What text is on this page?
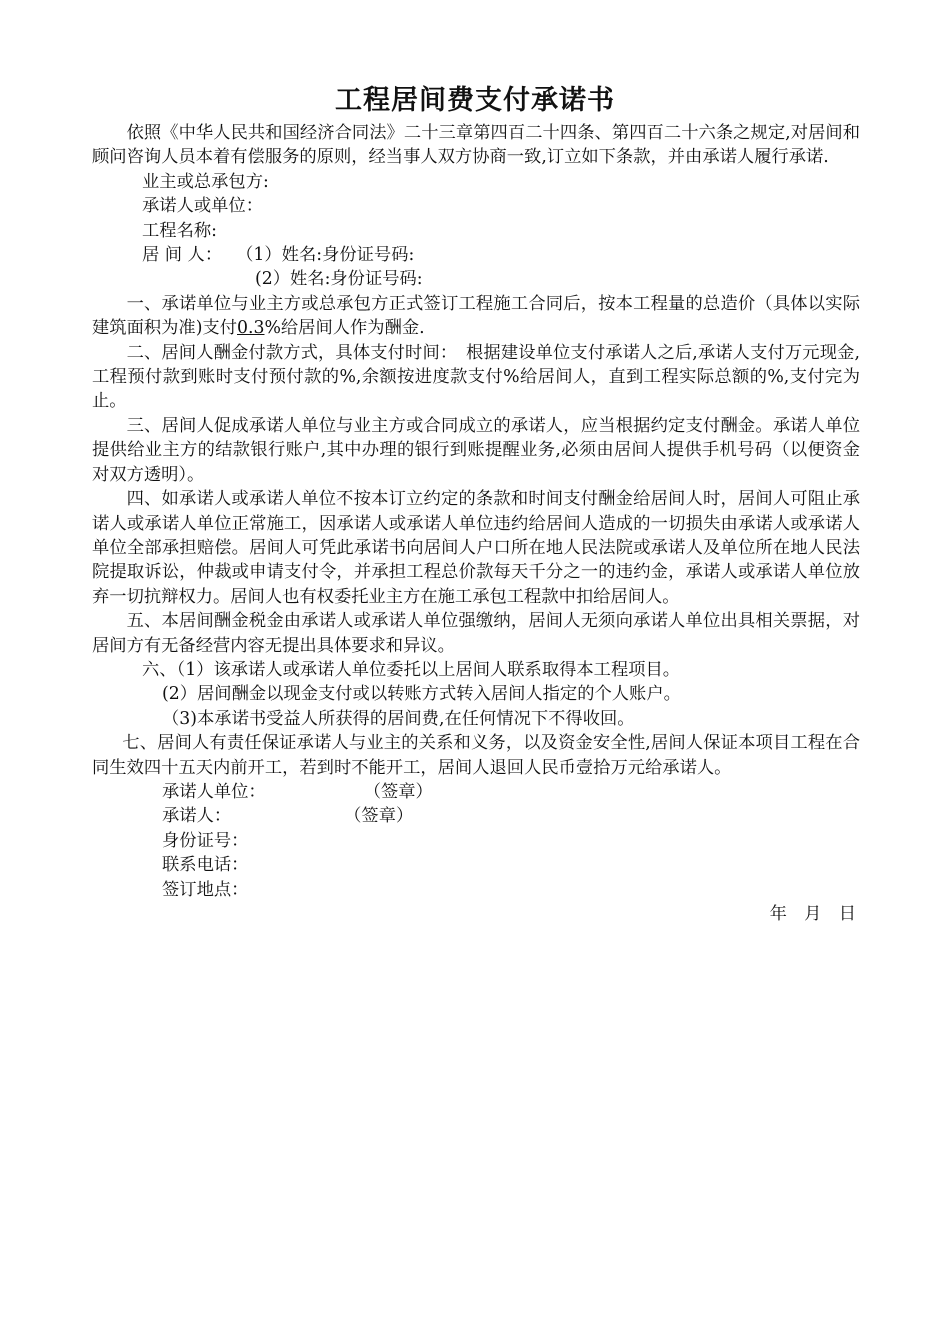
工程居间费支付承诺书

依照《中华人民共和国经济合同法》二十三章第四百二十四条、第四百二十六条之规定,对居间和顾问咨询人员本着有偿服务的原则，经当事人双方协商一致,订立如下条款，并由承诺人履行承诺.

业主或总承包方:

承诺人或单位：

工程名称:

居 间 人： （1）姓名:身份证号码:

(2）姓名:身份证号码:

一、承诺单位与业主方或总承包方正式签订工程施工合同后，按本工程量的总造价（具体以实际建筑面积为准)支付0.3%给居间人作为酬金.

二、居间人酬金付款方式，具体支付时间：　根据建设单位支付承诺人之后,承诺人支付万元现金,工程预付款到账时支付预付款的%,余额按进度款支付%给居间人，直到工程实际总额的%,支付完为止。

三、居间人促成承诺人单位与业主方或合同成立的承诺人，应当根据约定支付酬金。承诺人单位提供给业主方的结款银行账户,其中办理的银行到账提醒业务,必须由居间人提供手机号码（以便资金对双方透明）。

四、如承诺人或承诺人单位不按本订立约定的条款和时间支付酬金给居间人时，居间人可阻止承诺人或承诺人单位正常施工，因承诺人或承诺人单位违约给居间人造成的一切损失由承诺人或承诺人单位全部承担赔偿。居间人可凭此承诺书向居间人户口所在地人民法院或承诺人及单位所在地人民法院提取诉讼，仲裁或申请支付令，并承担工程总价款每天千分之一的违约金，承诺人或承诺人单位放弃一切抗辩权力。居间人也有权委托业主方在施工承包工程款中扣给居间人。

五、本居间酬金税金由承诺人或承诺人单位强缴纳，居间人无须向承诺人单位出具相关票据，对居间方有无备经营内容无提出具体要求和异议。

六、（1）该承诺人或承诺人单位委托以上居间人联系取得本工程项目。

(2）居间酬金以现金支付或以转账方式转入居间人指定的个人账户。

（3)本承诺书受益人所获得的居间费,在任何情况下不得收回。

七、居间人有责任保证承诺人与业主的关系和义务，以及资金安全性,居间人保证本项目工程在合同生效四十五天内前开工，若到时不能开工，居间人退回人民币壹拾万元给承诺人。

承诺人单位：	（签章）

承诺人：	（签章）

身份证号：

联系电话：

签订地点：

年　月　日
